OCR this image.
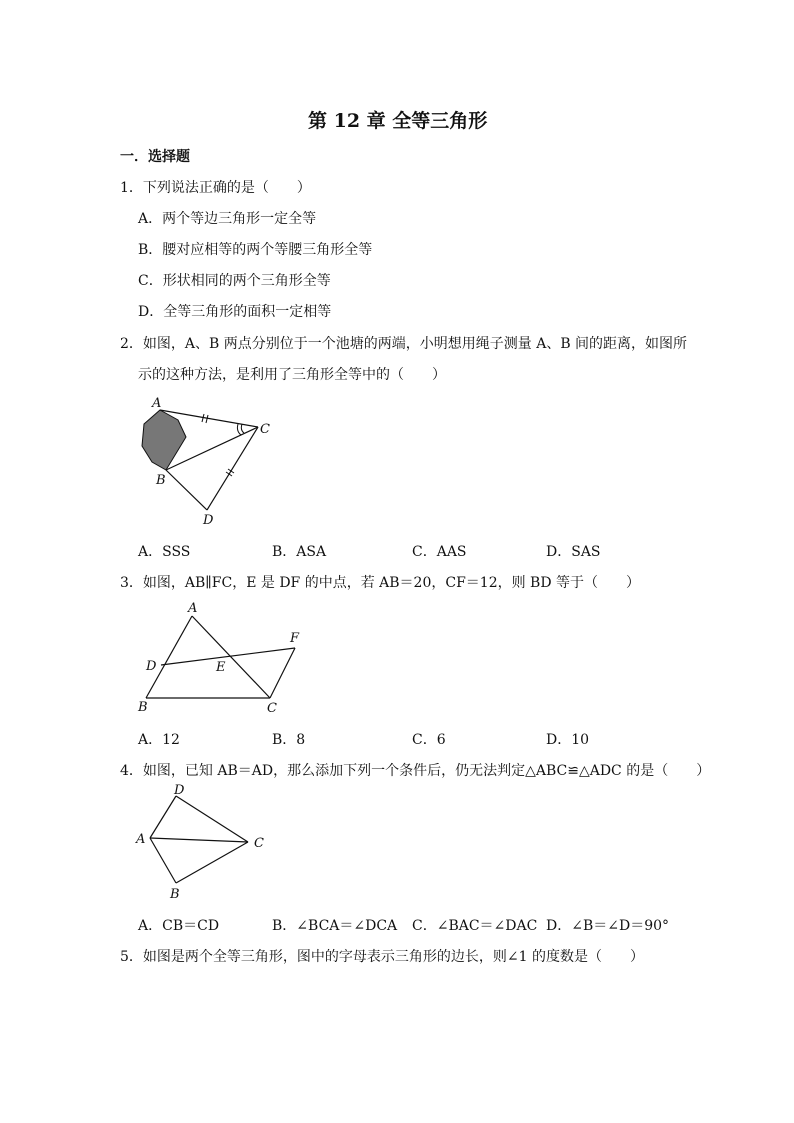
第 12 章 全等三角形
一．选择题
1．下列说法正确的是（　　）
A．两个等边三角形一定全等
B．腰对应相等的两个等腰三角形全等
C．形状相同的两个三角形全等
D．全等三角形的面积一定相等
2．如图，A、B 两点分别位于一个池塘的两端，小明想用绳子测量 A、B 间的距离，如图所
示的这种方法，是利用了三角形全等中的（　　）
A
B
C
D
A．SSS	B．ASA	C．AAS	D．SAS
3．如图，AB∥FC，E 是 DF 的中点，若 AB＝20，CF＝12，则 BD 等于（　　）
A
F
D	E
B	C
A．12	B．8	C．6	D．10
4．如图，已知 AB＝AD，那么添加下列一个条件后，仍无法判定△ABC≌△ADC 的是（　　）
D
A	C
B
A．CB＝CD	B．∠BCA＝∠DCA C．∠BAC＝∠DAC D．∠B＝∠D＝90°
5．如图是两个全等三角形，图中的字母表示三角形的边长，则∠1 的度数是（　　）
